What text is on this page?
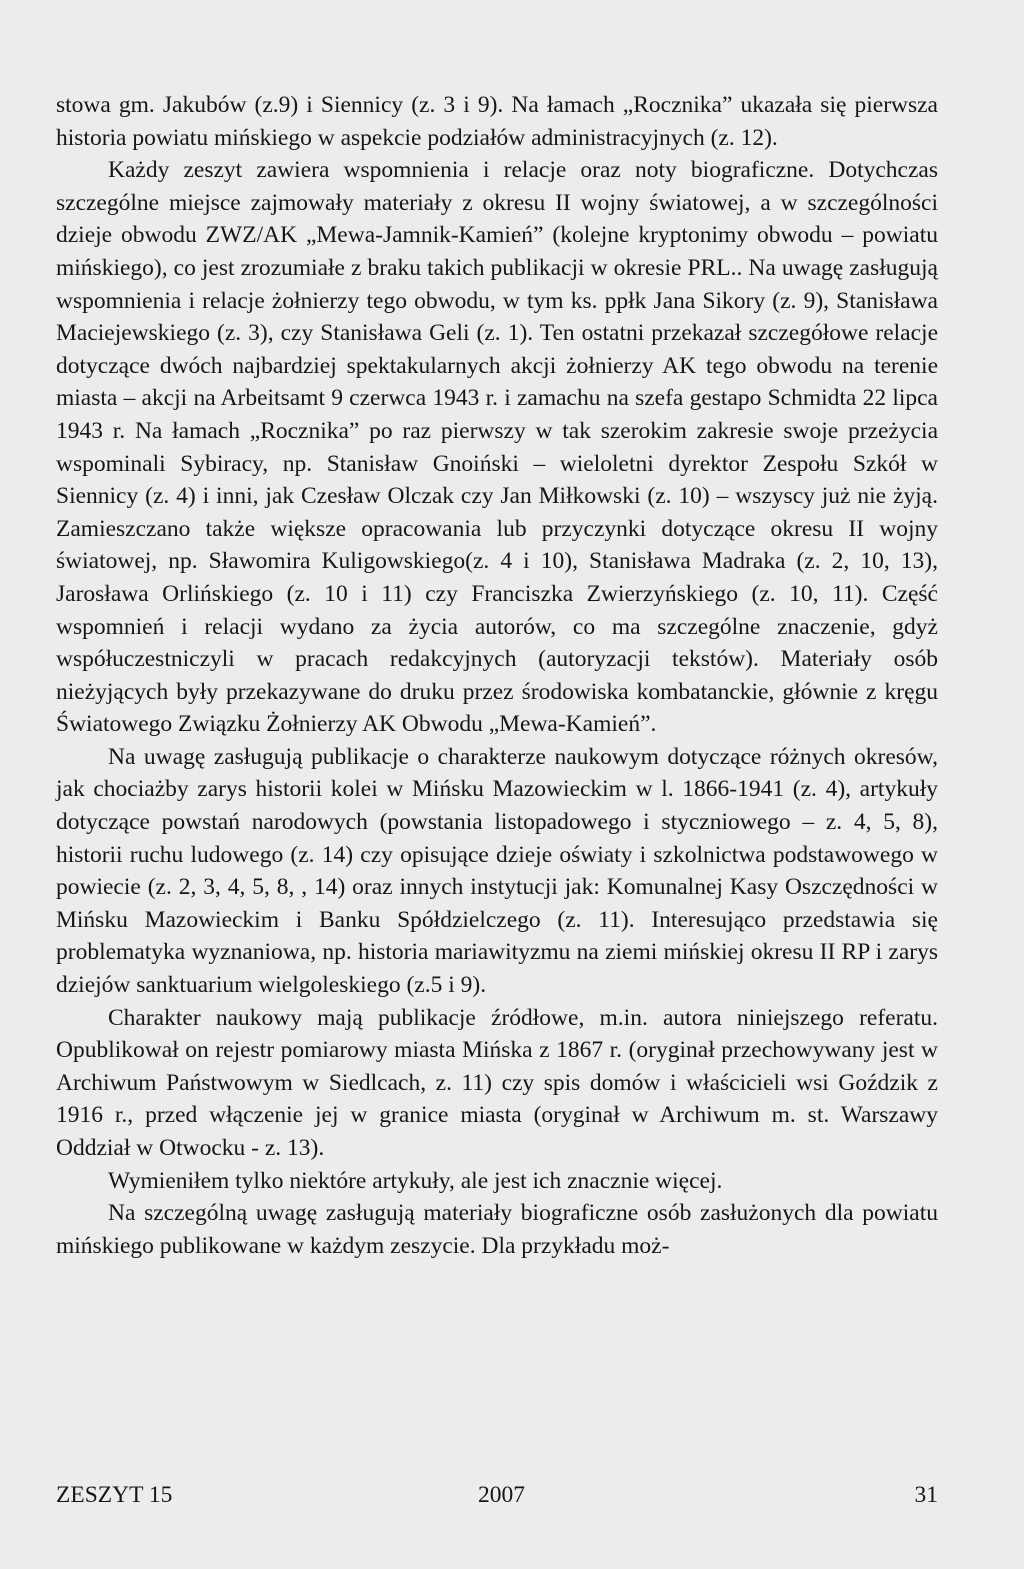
stowa gm. Jakubów (z.9) i Siennicy (z. 3 i 9). Na łamach „Rocznika” ukazała się pierwsza historia powiatu mińskiego w aspekcie podziałów administracyjnych (z. 12).

Każdy zeszyt zawiera wspomnienia i relacje oraz noty biograficzne. Dotychczas szczególne miejsce zajmowały materiały z okresu II wojny światowej, a w szczególności dzieje obwodu ZWZ/AK „Mewa-Jamnik-Kamień” (kolejne kryptonimy obwodu – powiatu mińskiego), co jest zrozumiałe z braku takich publikacji w okresie PRL.. Na uwagę zasługują wspomnienia i relacje żołnierzy tego obwodu, w tym ks. ppłk Jana Sikory (z. 9), Stanisława Maciejewskiego (z. 3), czy Stanisława Geli (z. 1). Ten ostatni przekazał szczegółowe relacje dotyczące dwóch najbardziej spektakularnych akcji żołnierzy AK tego obwodu na terenie miasta – akcji na Arbeitsamt 9 czerwca 1943 r. i zamachu na szefa gestapo Schmidta 22 lipca 1943 r. Na łamach „Rocznika” po raz pierwszy w tak szerokim zakresie swoje przeżycia wspominali Sybiracy, np. Stanisław Gnoiński – wieloletni dyrektor Zespołu Szkół w Siennicy (z. 4) i inni, jak Czesław Olczak czy Jan Miłkowski (z. 10) – wszyscy już nie żyją. Zamieszczano także większe opracowania lub przyczynki dotyczące okresu II wojny światowej, np. Sławomira Kuligowskiego(z. 4 i 10), Stanisława Madraka (z. 2, 10, 13), Jarosława Orlińskiego (z. 10 i 11) czy Franciszka Zwierzyńskiego (z. 10, 11). Część wspomnień i relacji wydano za życia autorów, co ma szczególne znaczenie, gdyż współuczestniczyli w pracach redakcyjnych (autoryzacji tekstów). Materiały osób nieżyjących były przekazywane do druku przez środowiska kombatanckie, głównie z kręgu Światowego Związku Żołnierzy AK Obwodu „Mewa-Kamień”.

Na uwagę zasługują publikacje o charakterze naukowym dotyczące różnych okresów, jak chociażby zarys historii kolei w Mińsku Mazowieckim w l. 1866-1941 (z. 4), artykuły dotyczące powstań narodowych (powstania listopadowego i styczniowego – z. 4, 5, 8), historii ruchu ludowego (z. 14) czy opisujące dzieje oświaty i szkolnictwa podstawowego w powiecie (z. 2, 3, 4, 5, 8, , 14) oraz innych instytucji jak: Komunalnej Kasy Oszczędności w Mińsku Mazowieckim i Banku Spółdzielczego (z. 11). Interesująco przedstawia się problematyka wyznaniowa, np. historia mariawityzmu na ziemi mińskiej okresu II RP i zarys dziejów sanktuarium wielgoleskiego (z.5 i 9).

Charakter naukowy mają publikacje źródłowe, m.in. autora niniejszego referatu. Opublikował on rejestr pomiarowy miasta Mińska z 1867 r. (oryginał przechowywany jest w Archiwum Państwowym w Siedlcach, z. 11) czy spis domów i właścicieli wsi Goździk z 1916 r., przed włączenie jej w granice miasta (oryginał w Archiwum m. st. Warszawy Oddział w Otwocku - z. 13).

Wymieniłem tylko niektóre artykuły, ale jest ich znacznie więcej.

Na szczególną uwagę zasługują materiały biograficzne osób zasłużonych dla powiatu mińskiego publikowane w każdym zeszycie. Dla przykładu moż-

ZESZYT 15	2007	31
